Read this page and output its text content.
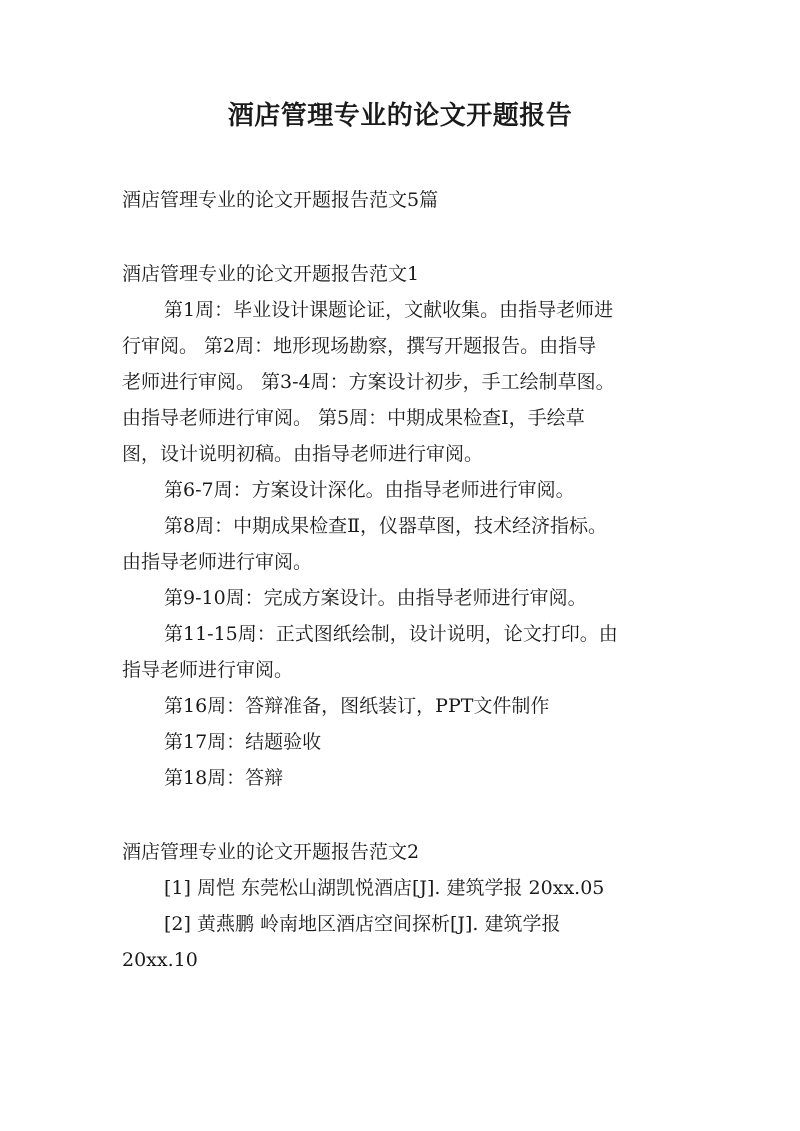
酒店管理专业的论文开题报告
酒店管理专业的论文开题报告范文5篇
酒店管理专业的论文开题报告范文1
第1周：毕业设计课题论证，文献收集。由指导老师进
行审阅。 第2周：地形现场勘察，撰写开题报告。由指导
老师进行审阅。 第3-4周：方案设计初步，手工绘制草图。
由指导老师进行审阅。 第5周：中期成果检查Ⅰ，手绘草
图，设计说明初稿。由指导老师进行审阅。
第6-7周：方案设计深化。由指导老师进行审阅。
第8周：中期成果检查Ⅱ，仪器草图，技术经济指标。
由指导老师进行审阅。
第9-10周：完成方案设计。由指导老师进行审阅。
第11-15周：正式图纸绘制，设计说明，论文打印。由
指导老师进行审阅。
第16周：答辩准备，图纸装订，PPT文件制作
第17周：结题验收
第18周：答辩
酒店管理专业的论文开题报告范文2
[1] 周恺 东莞松山湖凯悦酒店[J]. 建筑学报 20xx.05
[2] 黄燕鹏 岭南地区酒店空间探析[J]. 建筑学报
20xx.10
